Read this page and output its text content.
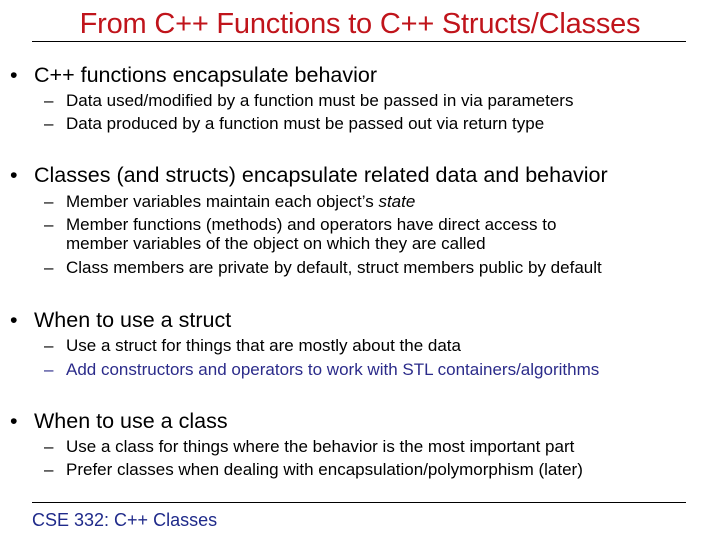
From C++ Functions to C++ Structs/Classes
• C++ functions encapsulate behavior
– Data used/modified by a function must be passed in via parameters
– Data produced by a function must be passed out via return type
• Classes (and structs) encapsulate related data and behavior
– Member variables maintain each object’s state
– Member functions (methods) and operators have direct access to
member variables of the object on which they are called
– Class members are private by default, struct members public by default
• When to use a struct
– Use a struct for things that are mostly about the data
– Add constructors and operators to work with STL containers/algorithms
• When to use a class
– Use a class for things where the behavior is the most important part
– Prefer classes when dealing with encapsulation/polymorphism (later)
CSE 332: C++ Classes
